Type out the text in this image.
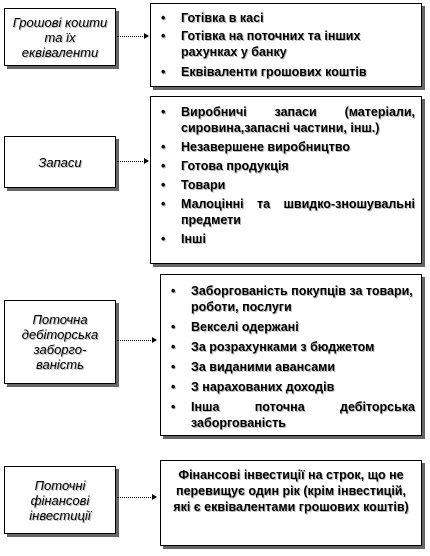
Грошові кошти та їх еквіваленти
• Готівка в касі
• Готівка на поточних та інших рахунках у банку
• Еквіваленти грошових коштів
Запаси
• Виробничі запаси (матеріали, сировина,запасні частини, інш.)
• Незавершене виробництво
• Готова продукція
• Товари
• Малоцінні та швидко-зношувальні предмети
• Інші
Поточна дебіторська заборго-ваність
• Заборгованість покупців за товари, роботи, послуги
• Векселі одержані
• За розрахунками з бюджетом
• За виданими авансами
• З нарахованих доходів
• Інша поточна дебіторська заборгованість
Поточні фінансові інвестиції
Фінансові інвестиції на строк, що не перевищує один рік (крім інвестицій, які є еквівалентами грошових коштів)
